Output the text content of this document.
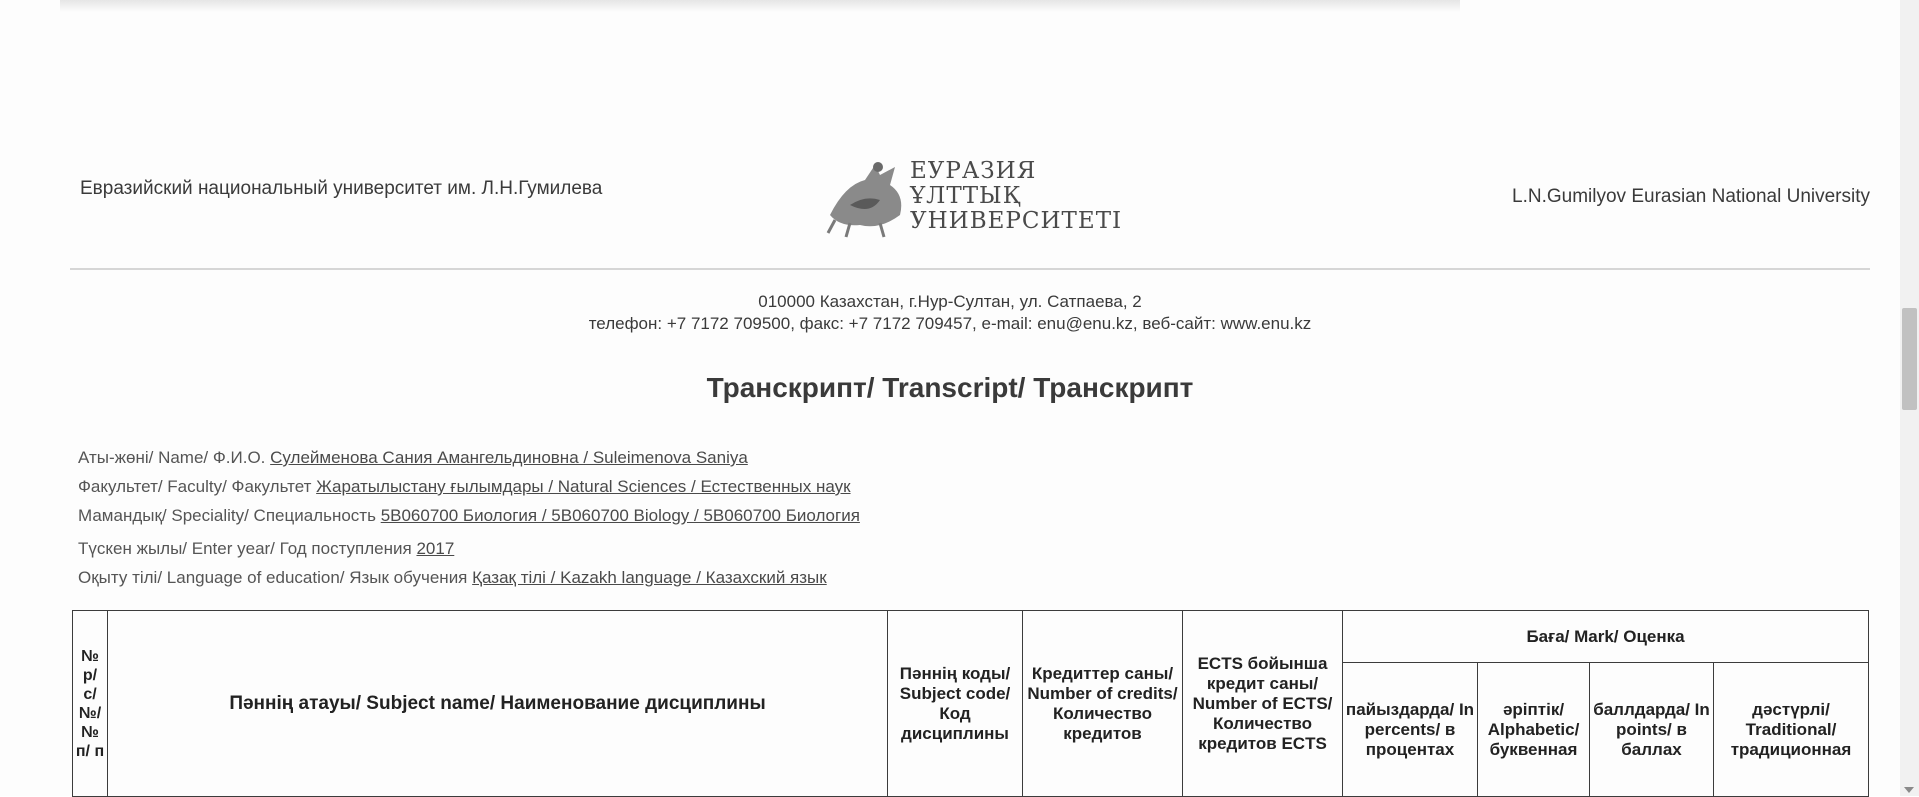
Евразийский национальный университет им. Л.Н.Гумилева
ЕУРАЗИЯ
ҰЛТТЫҚ
УНИВЕРСИТЕТІ
L.N.Gumilyov Eurasian National University
010000 Казахстан, г.Нур-Султан, ул. Сатпаева, 2
телефон: +7 7172 709500, факс: +7 7172 709457, e-mail: enu@enu.kz, веб-сайт: www.enu.kz
Транскрипт/ Transcript/ Транскрипт
Аты-жөні/ Name/ Ф.И.О. Сулейменова Сания Амангельдиновна / Suleimenova Saniya
Факультет/ Faculty/ Факультет Жаратылыстану ғылымдары / Natural Sciences / Естественных наук
Мамандық/ Speciality/ Специальность 5В060700 Биология / 5В060700 Biology / 5В060700 Биология
Түскен жылы/ Enter year/ Год поступления 2017
Оқыту тілі/ Language of education/ Язык обучения Қазақ тілі / Kazakh language / Казахский язык
№ р/ с/ №/ № п/ п	Пәннің атауы/ Subject name/ Наименование дисциплины	Пәннің коды/ Subject code/ Код дисциплины	Кредиттер саны/ Number of credits/ Количество кредитов	ECTS бойынша кредит саны/ Number of ECTS/ Количество кредитов ECTS	Баға/ Mark/ Оценка			
					пайыздарда/ In percents/ в процентах	әріптік/ Alphabetic/ буквенная	баллдарда/ In points/ в баллах	дәстүрлі/ Traditional/ традиционная
